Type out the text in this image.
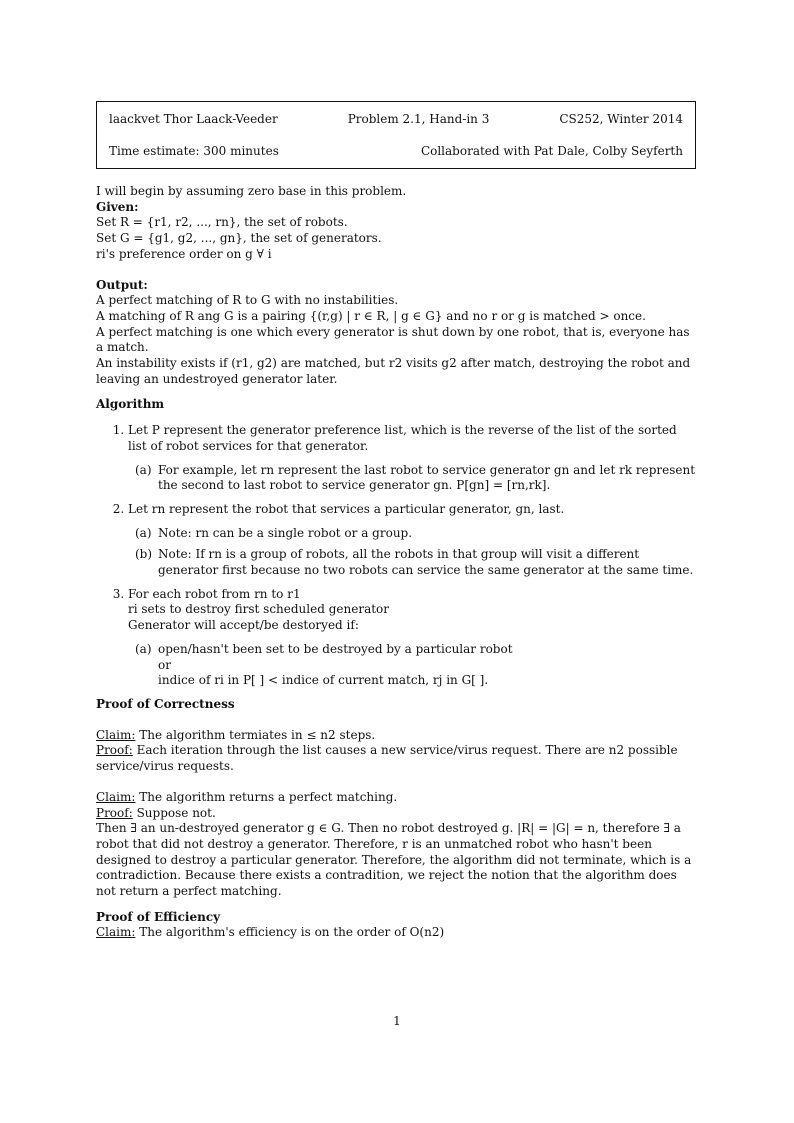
laackvet Thor Laack-Veeder	Problem 2.1, Hand-in 3	CS252, Winter 2014
Time estimate: 300 minutes	Collaborated with Pat Dale, Colby Seyferth

I will begin by assuming zero base in this problem.

Given:

Set R = {r1, r2, ..., rn}, the set of robots.

Set G = {g1, g2, ..., gn}, the set of generators.

ri's preference order on g ∀ i

Output:

A perfect matching of R to G with no instabilities.

A matching of R ang G is a pairing {(r,g) | r ∈ R, | g ∈ G} and no r or g is matched > once.

A perfect matching is one which every generator is shut down by one robot, that is, everyone has a match.

An instability exists if (r1, g2) are matched, but r2 visits g2 after match, destroying the robot and leaving an undestroyed generator later.

Algorithm

1. Let P represent the generator preference list, which is the reverse of the list of the sorted list of robot services for that generator.
(a) For example, let rn represent the last robot to service generator gn and let rk represent the second to last robot to service generator gn. P[gn] = [rn,rk].
2. Let rn represent the robot that services a particular generator, gn, last.
(a) Note: rn can be a single robot or a group.
(b) Note: If rn is a group of robots, all the robots in that group will visit a different generator first because no two robots can service the same generator at the same time.
3. For each robot from rn to r1
ri sets to destroy first scheduled generator
Generator will accept/be destoryed if:
(a) open/hasn't been set to be destroyed by a particular robot
or
indice of ri in P[ ] < indice of current match, rj in G[ ].

Proof of Correctness

Claim: The algorithm termiates in ≤ n2 steps.

Proof: Each iteration through the list causes a new service/virus request. There are n2 possible service/virus requests.

Claim: The algorithm returns a perfect matching.

Proof: Suppose not.

Then ∃ an un-destroyed generator g ∈ G. Then no robot destroyed g. |R| = |G| = n, therefore ∃ a robot that did not destroy a generator. Therefore, r is an unmatched robot who hasn't been designed to destroy a particular generator. Therefore, the algorithm did not terminate, which is a contradiction. Because there exists a contradition, we reject the notion that the algorithm does not return a perfect matching.

Proof of Efficiency

Claim: The algorithm's efficiency is on the order of O(n2)

1
